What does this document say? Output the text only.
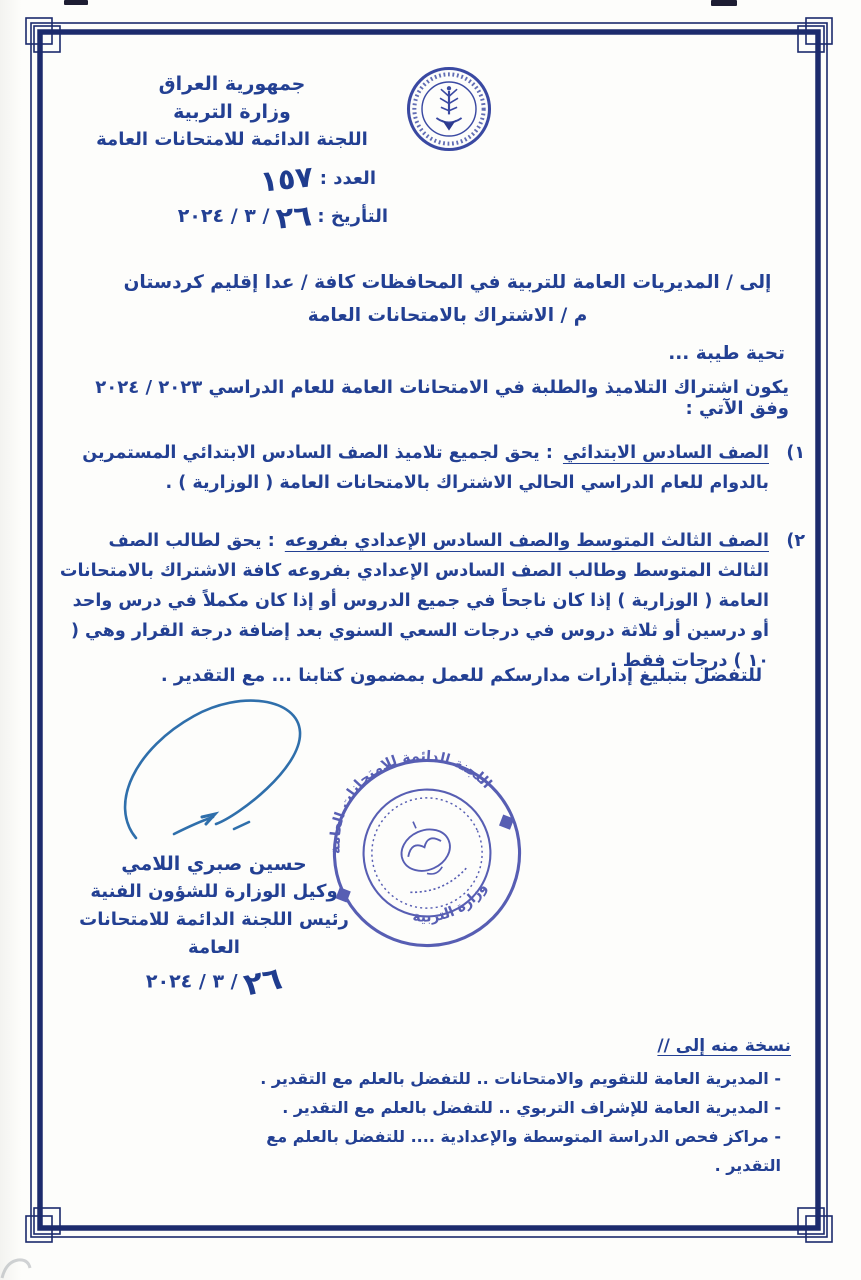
جمهورية العراق
وزارة التربية
اللجنة الدائمة للامتحانات العامة
العدد : ١٥٧
التأريخ : ٢٦ / ٣ / ٢٠٢٤
إلى / المديريات العامة للتربية في المحافظات كافة / عدا إقليم كردستان
م / الاشتراك بالامتحانات العامة
تحية طيبة ...
يكون اشتراك التلاميذ والطلبة في الامتحانات العامة للعام الدراسي ٢٠٢٣ / ٢٠٢٤ وفق الآتي :

١)
الصف السادس الابتدائي : يحق لجميع تلاميذ الصف السادس الابتدائي المستمرين بالدوام للعام الدراسي الحالي الاشتراك بالامتحانات العامة ( الوزارية ) .

٢)
الصف الثالث المتوسط والصف السادس الإعدادي بفروعه : يحق لطالب الصف الثالث المتوسط وطالب الصف السادس الإعدادي بفروعه كافة الاشتراك بالامتحانات العامة ( الوزارية ) إذا كان ناجحاً في جميع الدروس أو إذا كان مكملاً في درس واحد أو درسين أو ثلاثة دروس في درجات السعي السنوي بعد إضافة درجة القرار وهي ( ١٠ ) درجات فقط .

للتفضل بتبليغ إدارات مدارسكم للعمل بمضمون كتابنا ... مع التقدير .
اللجنة الدائمة للامتحانات العامة
وزارة التربية
حسين صبري اللامي
وكيل الوزارة للشؤون الفنية
رئيس اللجنة الدائمة للامتحانات العامة
٢٦ / ٣ / ٢٠٢٤
نسخة منه إلى //
- المديرية العامة للتقويم والامتحانات .. للتفضل بالعلم مع التقدير .
- المديرية العامة للإشراف التربوي .. للتفضل بالعلم مع التقدير .
- مراكز فحص الدراسة المتوسطة والإعدادية .... للتفضل بالعلم مع التقدير .
